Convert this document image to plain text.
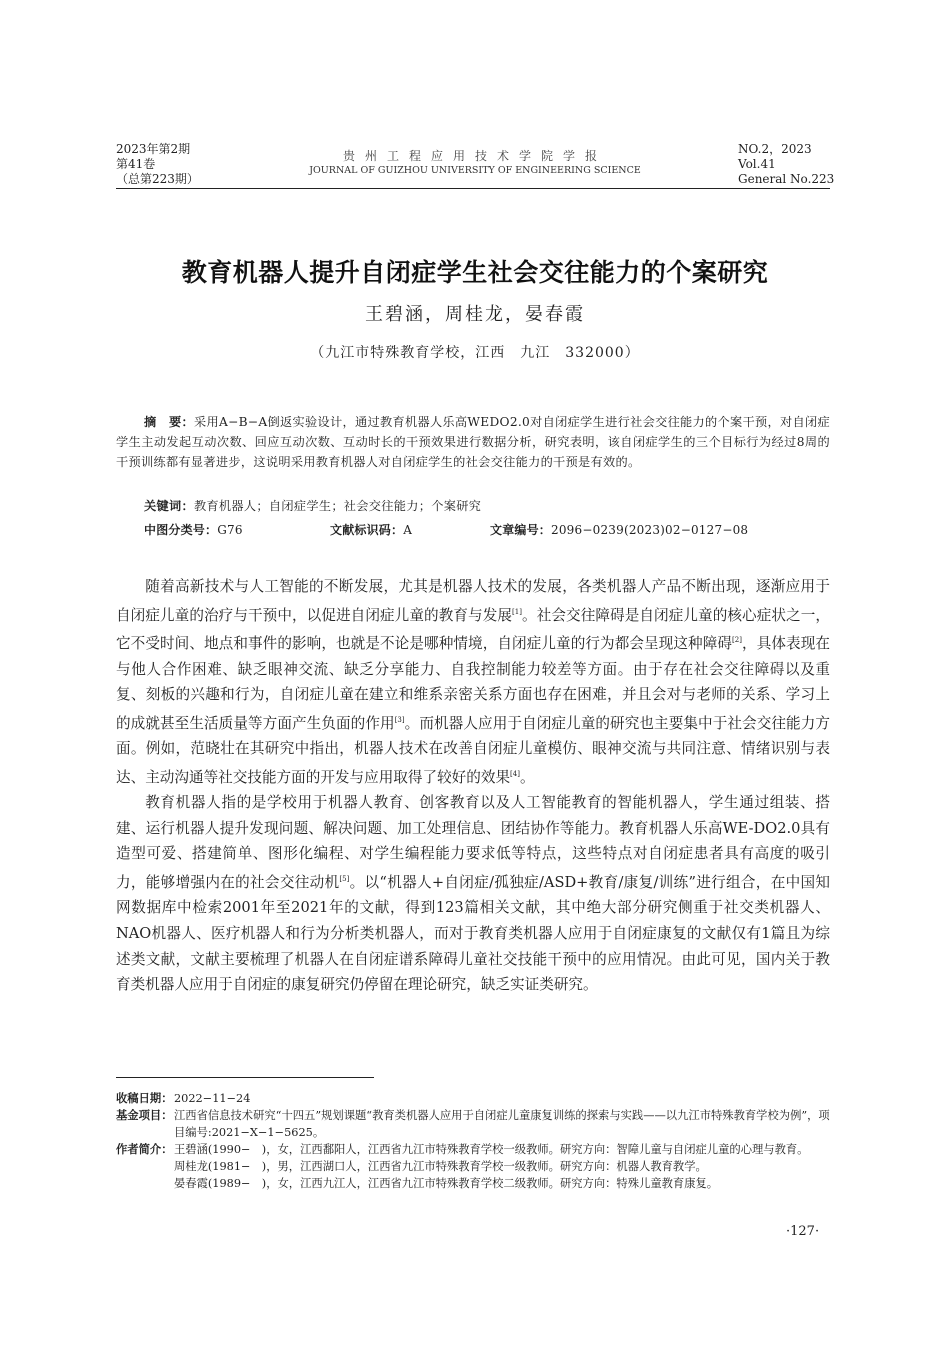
2023年第2期
第41卷
（总第223期）
贵州工程应用技术学院学报
JOURNAL OF GUIZHOU UNIVERSITY OF ENGINEERING SCIENCE
NO.2，2023
Vol.41
General No.223
教育机器人提升自闭症学生社会交往能力的个案研究
王碧涵，周桂龙，晏春霞
（九江市特殊教育学校，江西　九江　332000）
摘　要：采用A−B−A倒返实验设计，通过教育机器人乐高WEDO2.0对自闭症学生进行社会交往能力的个案干预，对自闭症学生主动发起互动次数、回应互动次数、互动时长的干预效果进行数据分析，研究表明，该自闭症学生的三个目标行为经过8周的干预训练都有显著进步，这说明采用教育机器人对自闭症学生的社会交往能力的干预是有效的。
关键词：教育机器人；自闭症学生；社会交往能力；个案研究
中图分类号：G76	文献标识码：A	文章编号：2096−0239(2023)02−0127−08

随着高新技术与人工智能的不断发展，尤其是机器人技术的发展，各类机器人产品不断出现，逐渐应用于自闭症儿童的治疗与干预中，以促进自闭症儿童的教育与发展[1]。社会交往障碍是自闭症儿童的核心症状之一，它不受时间、地点和事件的影响，也就是不论是哪种情境，自闭症儿童的行为都会呈现这种障碍[2]，具体表现在与他人合作困难、缺乏眼神交流、缺乏分享能力、自我控制能力较差等方面。由于存在社会交往障碍以及重复、刻板的兴趣和行为，自闭症儿童在建立和维系亲密关系方面也存在困难，并且会对与老师的关系、学习上的成就甚至生活质量等方面产生负面的作用[3]。而机器人应用于自闭症儿童的研究也主要集中于社会交往能力方面。例如，范晓壮在其研究中指出，机器人技术在改善自闭症儿童模仿、眼神交流与共同注意、情绪识别与表达、主动沟通等社交技能方面的开发与应用取得了较好的效果[4]。

教育机器人指的是学校用于机器人教育、创客教育以及人工智能教育的智能机器人，学生通过组装、搭建、运行机器人提升发现问题、解决问题、加工处理信息、团结协作等能力。教育机器人乐高WE-DO2.0具有造型可爱、搭建简单、图形化编程、对学生编程能力要求低等特点，这些特点对自闭症患者具有高度的吸引力，能够增强内在的社会交往动机[5]。以“机器人+自闭症/孤独症/ASD+教育/康复/训练”进行组合，在中国知网数据库中检索2001年至2021年的文献，得到123篇相关文献，其中绝大部分研究侧重于社交类机器人、NAO机器人、医疗机器人和行为分析类机器人，而对于教育类机器人应用于自闭症康复的文献仅有1篇且为综述类文献，文献主要梳理了机器人在自闭症谱系障碍儿童社交技能干预中的应用情况。由此可见，国内关于教育类机器人应用于自闭症的康复研究仍停留在理论研究，缺乏实证类研究。

收稿日期： 2022−11−24
基金项目： 江西省信息技术研究“十四五”规划课题“教育类机器人应用于自闭症儿童康复训练的探索与实践——以九江市特殊教育学校为例”，项目编号:2021−X−1−5625。
作者简介： 王碧涵(1990−　)，女，江西鄱阳人，江西省九江市特殊教育学校一级教师。研究方向：智障儿童与自闭症儿童的心理与教育。
周桂龙(1981−　)，男，江西湖口人，江西省九江市特殊教育学校一级教师。研究方向：机器人教育教学。
晏春霞(1989−　)，女，江西九江人，江西省九江市特殊教育学校二级教师。研究方向：特殊儿童教育康复。
·127·
